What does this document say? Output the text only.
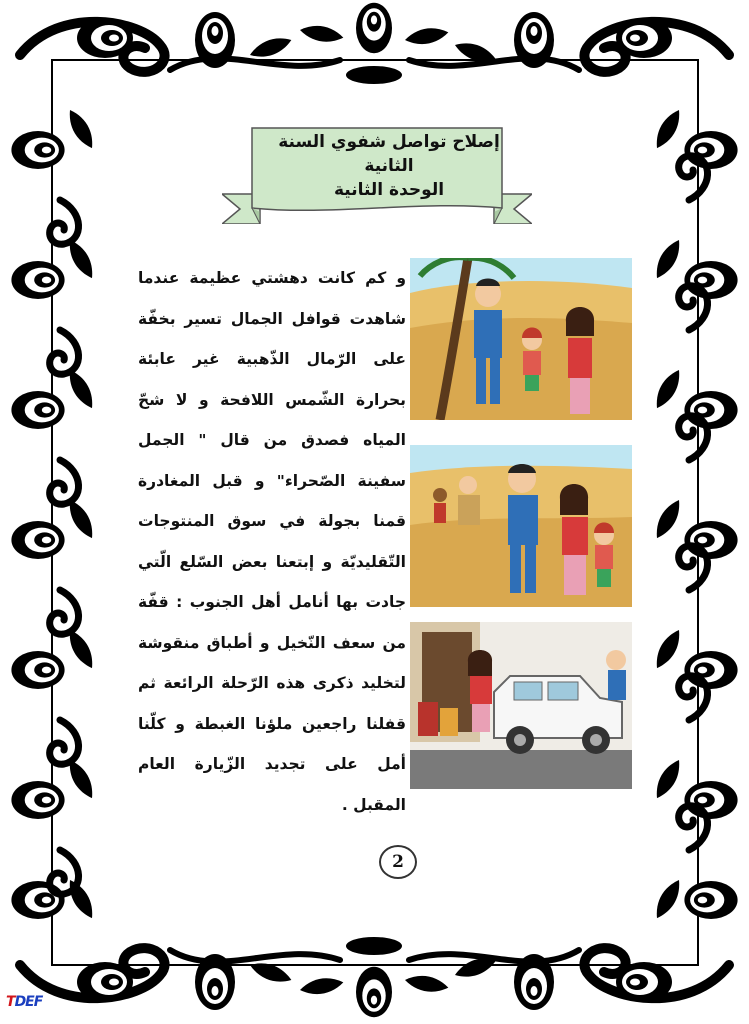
إصلاح تواصل شفوي السنة الثانية
الوحدة الثانية

و كم كانت دهشتي عظيمة عندما شاهدت قوافل الجمال تسير بخفّة على الرّمال الذّهبية غير عابئة بحرارة الشّمس اللافحة و لا شحّ المياه فصدق من قال " الجمل سفينة الصّحراء" و قبل المغادرة قمنا بجولة في سوق المنتوجات التّقليديّة و إبتعنا بعض السّلع الّتي جادت بها أنامل أهل الجنوب : قفّة من سعف النّخيل و أطباق منقوشة لتخليد ذكرى هذه الرّحلة الرائعة ثم قفلنا راجعين ملؤنا الغبطة و كلّنا أمل على تجديد الزّيارة العام المقبل .

2
TDEF
